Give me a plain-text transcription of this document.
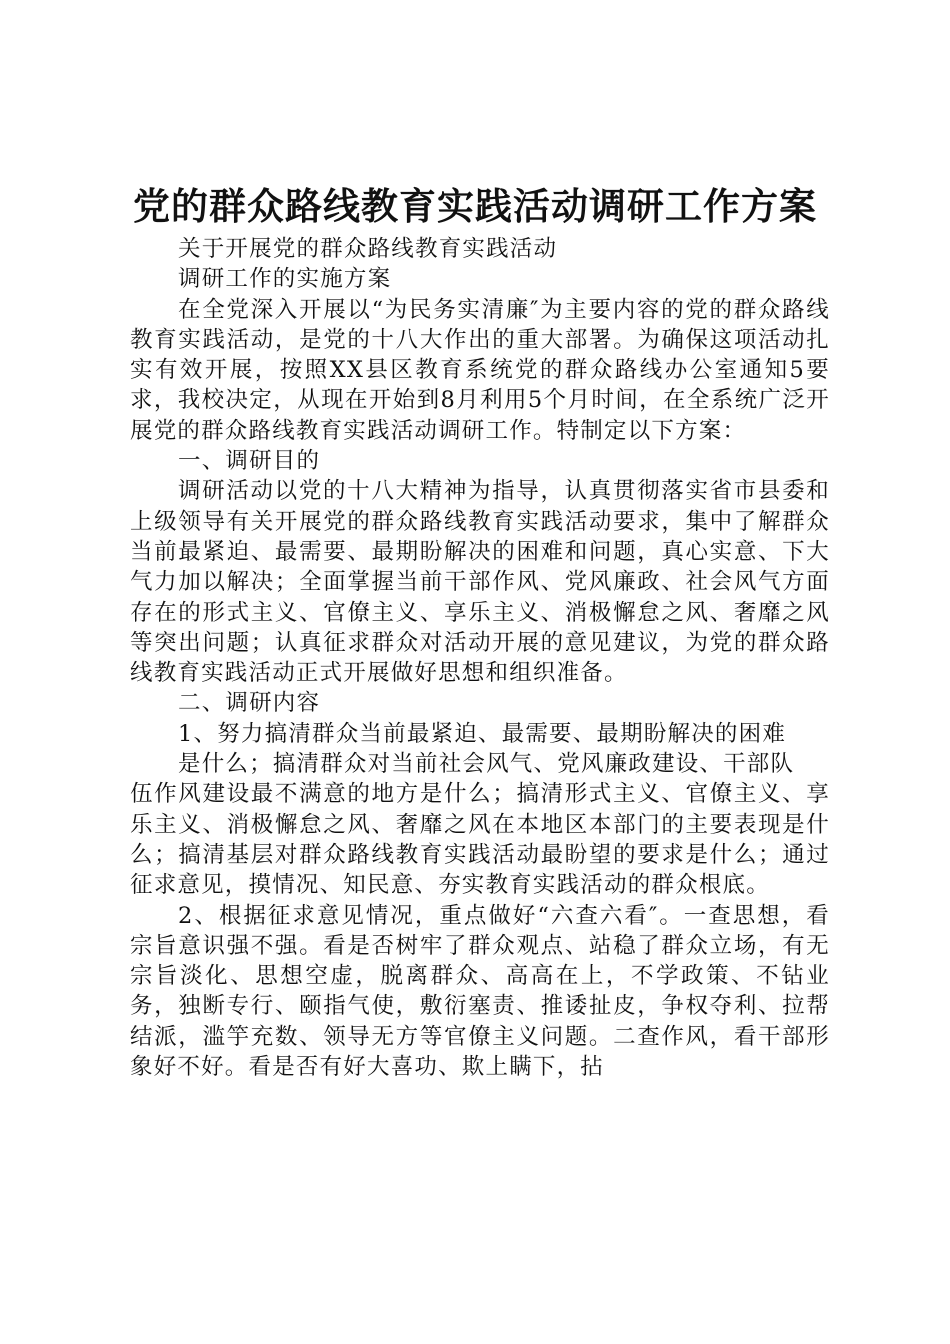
党的群众路线教育实践活动调研工作方案

关于开展党的群众路线教育实践活动

调研工作的实施方案

在全党深入开展以“为民务实清廉″为主要内容的党的群众路线教育实践活动，是党的十八大作出的重大部署。为确保这项活动扎实有效开展，按照XX县区教育系统党的群众路线办公室通知5要求，我校决定，从现在开始到8月利用5个月时间，在全系统广泛开展党的群众路线教育实践活动调研工作。特制定以下方案：

一、调研目的

调研活动以党的十八大精神为指导，认真贯彻落实省市县委和上级领导有关开展党的群众路线教育实践活动要求，集中了解群众当前最紧迫、最需要、最期盼解决的困难和问题，真心实意、下大气力加以解决；全面掌握当前干部作风、党风廉政、社会风气方面存在的形式主义、官僚主义、享乐主义、消极懈怠之风、奢靡之风等突出问题；认真征求群众对活动开展的意见建议，为党的群众路线教育实践活动正式开展做好思想和组织准备。

二、调研内容

1、努力搞清群众当前最紧迫、最需要、最期盼解决的困难

是什么；搞清群众对当前社会风气、党风廉政建设、干部队

伍作风建设最不满意的地方是什么；搞清形式主义、官僚主义、享乐主义、消极懈怠之风、奢靡之风在本地区本部门的主要表现是什么；搞清基层对群众路线教育实践活动最盼望的要求是什么；通过征求意见，摸情况、知民意、夯实教育实践活动的群众根底。

2、根据征求意见情况，重点做好“六查六看″。一查思想，看宗旨意识强不强。看是否树牢了群众观点、站稳了群众立场，有无宗旨淡化、思想空虚，脱离群众、高高在上，不学政策、不钻业务，独断专行、颐指气使，敷衍塞责、推诿扯皮，争权夺利、拉帮结派，滥竽充数、领导无方等官僚主义问题。二查作风，看干部形象好不好。看是否有好大喜功、欺上瞒下，拈
